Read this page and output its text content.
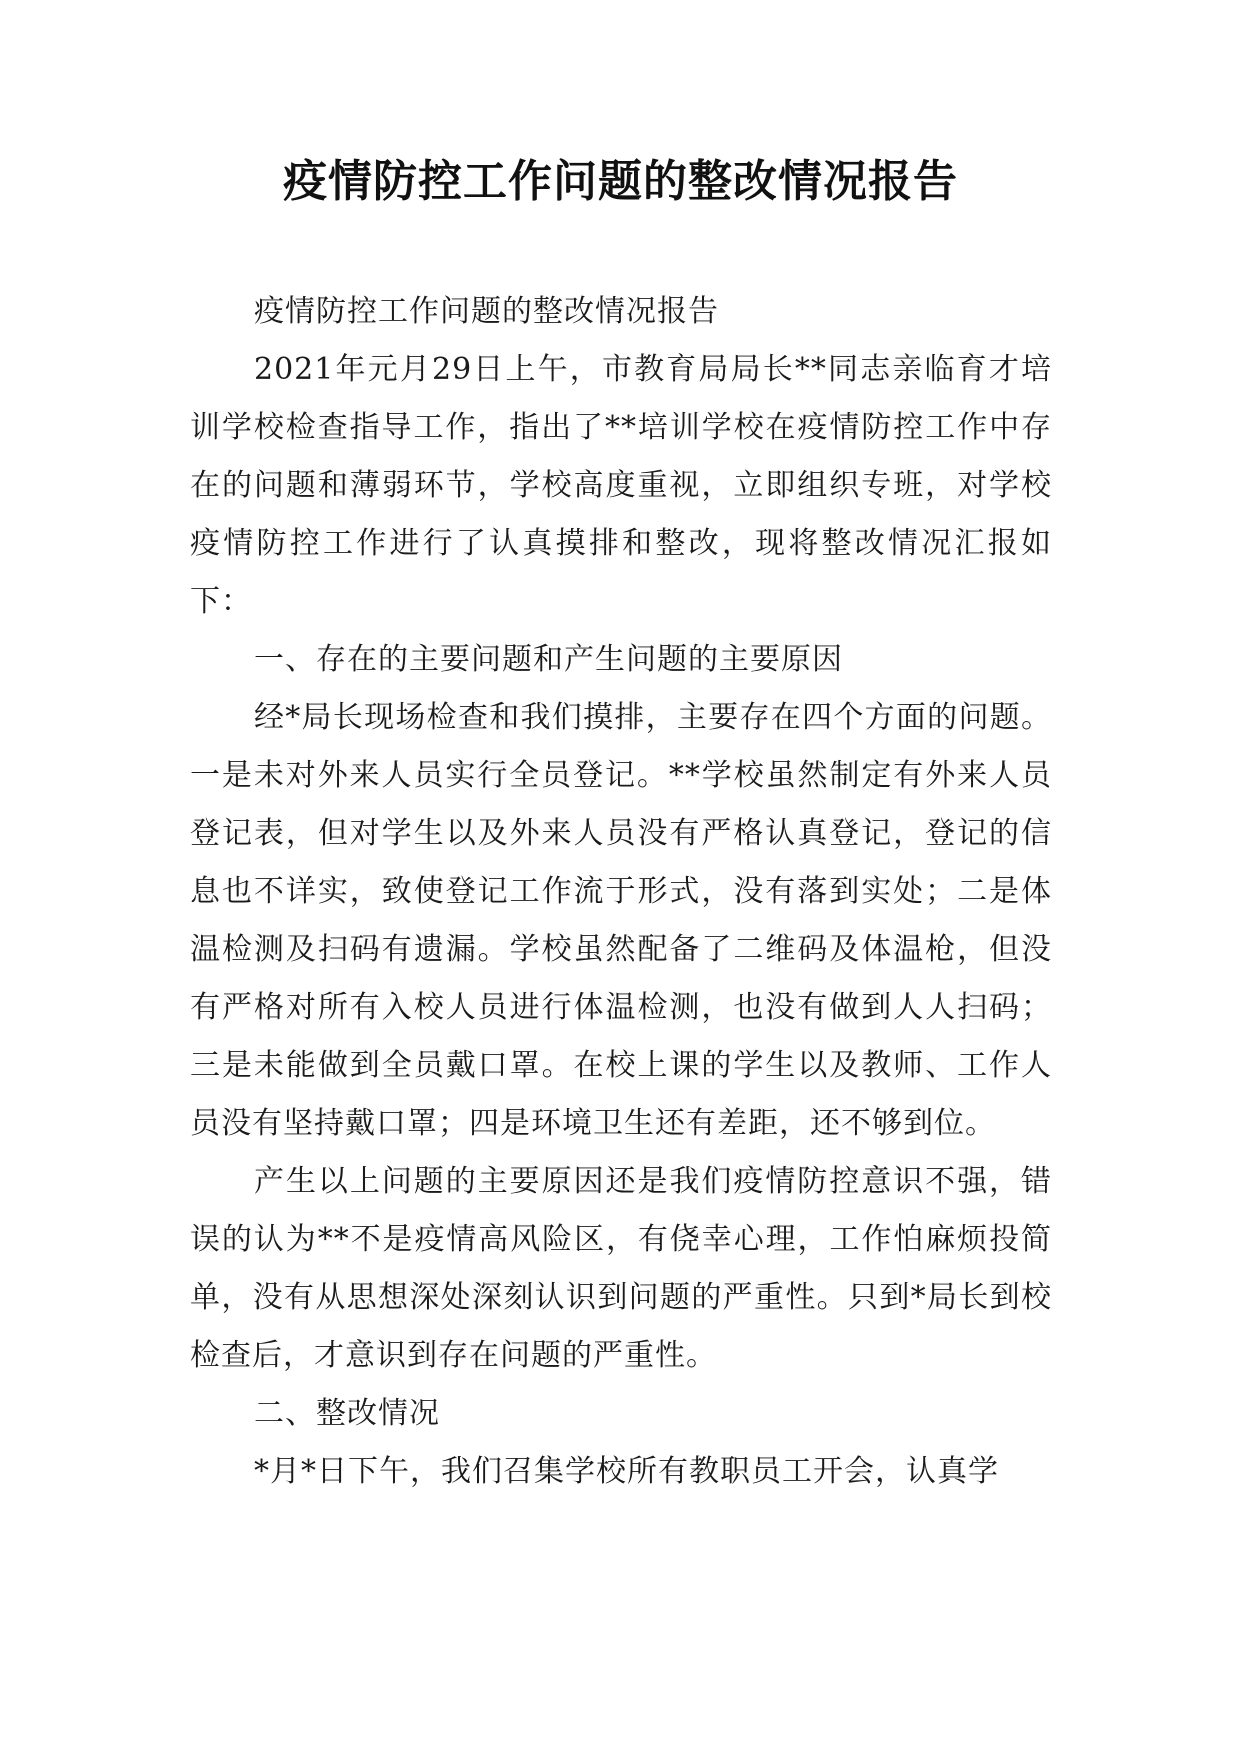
疫情防控工作问题的整改情况报告

疫情防控工作问题的整改情况报告

2021年元月29日上午，市教育局局长**同志亲临育才培训学校检查指导工作，指出了**培训学校在疫情防控工作中存在的问题和薄弱环节，学校高度重视，立即组织专班，对学校疫情防控工作进行了认真摸排和整改，现将整改情况汇报如下：

一、存在的主要问题和产生问题的主要原因

经*局长现场检查和我们摸排，主要存在四个方面的问题。一是未对外来人员实行全员登记。**学校虽然制定有外来人员登记表，但对学生以及外来人员没有严格认真登记，登记的信息也不详实，致使登记工作流于形式，没有落到实处；二是体温检测及扫码有遗漏。学校虽然配备了二维码及体温枪，但没有严格对所有入校人员进行体温检测，也没有做到人人扫码；三是未能做到全员戴口罩。在校上课的学生以及教师、工作人员没有坚持戴口罩；四是环境卫生还有差距，还不够到位。

产生以上问题的主要原因还是我们疫情防控意识不强，错误的认为**不是疫情高风险区，有侥幸心理，工作怕麻烦投简单，没有从思想深处深刻认识到问题的严重性。只到*局长到校检查后，才意识到存在问题的严重性。

二、整改情况

*月*日下午，我们召集学校所有教职员工开会，认真学
